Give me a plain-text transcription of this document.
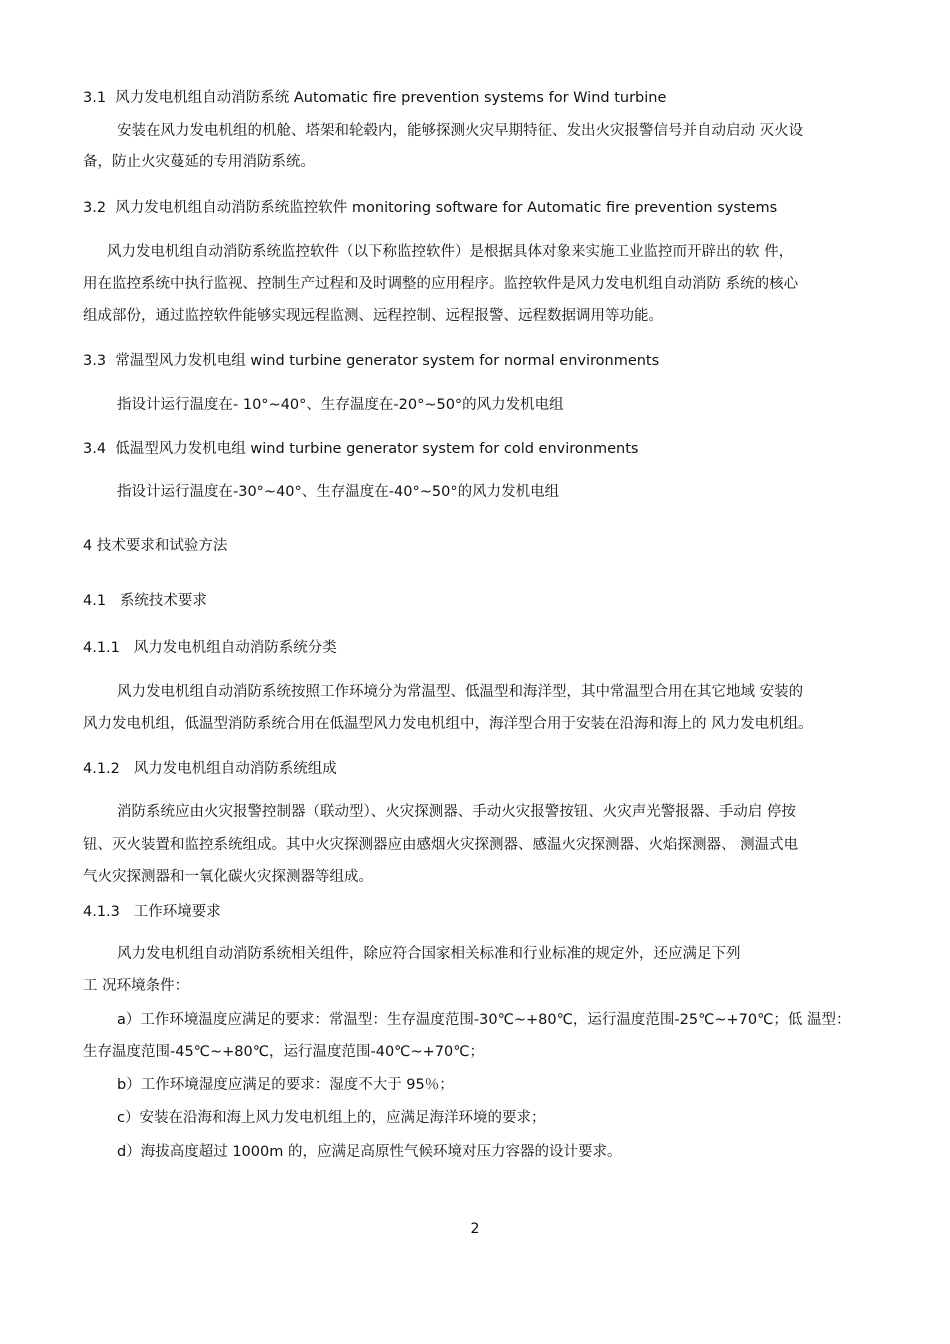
3.1 风力发电机组自动消防系统 Automatic fire prevention systems for Wind turbine
安装在风力发电机组的机舱、塔架和轮毂内，能够探测火灾早期特征、发出火灾报警信号并自动启动 灭火设
备，防止火灾蔓延的专用消防系统。
3.2 风力发电机组自动消防系统监控软件 monitoring software for Automatic fire prevention systems
风力发电机组自动消防系统监控软件（以下称监控软件）是根据具体对象来实施工业监控而开辟出的软 件，
用在监控系统中执行监视、控制生产过程和及时调整的应用程序。监控软件是风力发电机组自动消防 系统的核心
组成部份，通过监控软件能够实现远程监测、远程控制、远程报警、远程数据调用等功能。
3.3 常温型风力发机电组 wind turbine generator system for normal environments
指设计运行温度在- 10°~40°、生存温度在-20°~50°的风力发机电组
3.4 低温型风力发机电组 wind turbine generator system for cold environments
指设计运行温度在-30°~40°、生存温度在-40°~50°的风力发机电组
4 技术要求和试验方法
4.1 系统技术要求
4.1.1 风力发电机组自动消防系统分类
风力发电机组自动消防系统按照工作环境分为常温型、低温型和海洋型，其中常温型合用在其它地域 安装的
风力发电机组，低温型消防系统合用在低温型风力发电机组中，海洋型合用于安装在沿海和海上的 风力发电机组。
4.1.2 风力发电机组自动消防系统组成
消防系统应由火灾报警控制器（联动型）、火灾探测器、手动火灾报警按钮、火灾声光警报器、手动启 停按
钮、灭火装置和监控系统组成。其中火灾探测器应由感烟火灾探测器、感温火灾探测器、火焰探测器、 测温式电
气火灾探测器和一氧化碳火灾探测器等组成。
4.1.3 工作环境要求
风力发电机组自动消防系统相关组件，除应符合国家相关标准和行业标准的规定外，还应满足下列
工 况环境条件：
a）工作环境温度应满足的要求：常温型：生存温度范围-30℃~+80℃，运行温度范围-25℃~+70℃；低 温型：
生存温度范围-45℃~+80℃，运行温度范围-40℃~+70℃；
b）工作环境湿度应满足的要求：湿度不大于 95％；
c）安装在沿海和海上风力发电机组上的，应满足海洋环境的要求；
d）海拔高度超过 1000m 的，应满足高原性气候环境对压力容器的设计要求。
2
